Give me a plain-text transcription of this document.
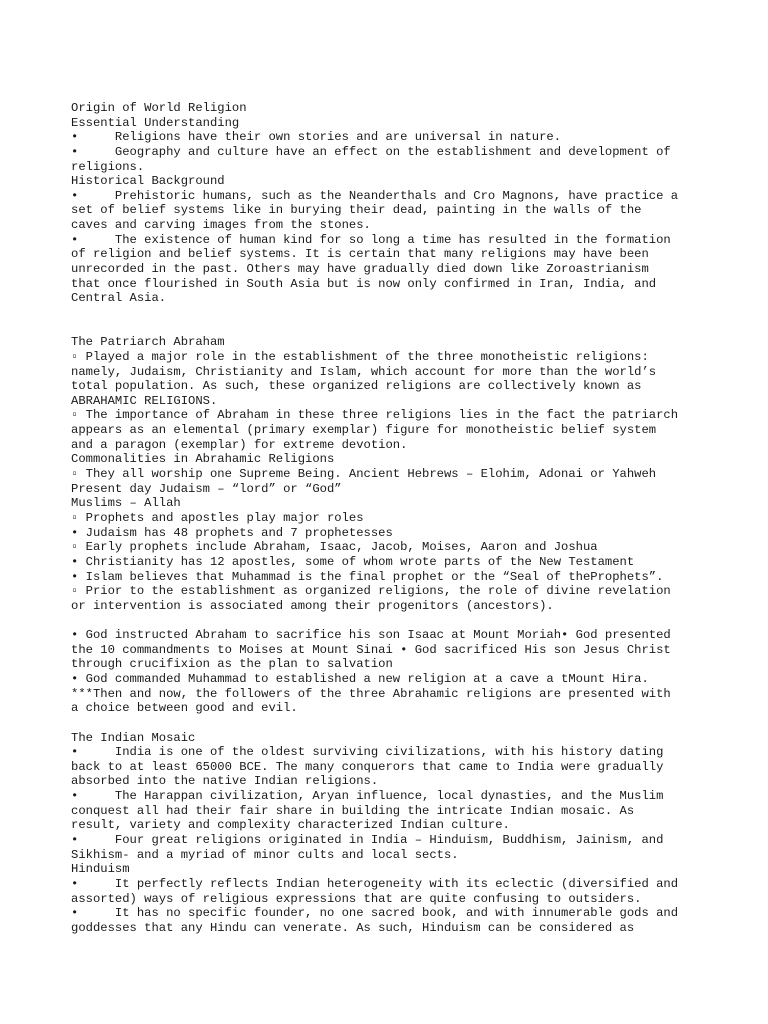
Origin of World Religion
Essential Understanding
•     Religions have their own stories and are universal in nature.
•     Geography and culture have an effect on the establishment and development of
religions.
Historical Background
•     Prehistoric humans, such as the Neanderthals and Cro Magnons, have practice a
set of belief systems like in burying their dead, painting in the walls of the
caves and carving images from the stones.
•     The existence of human kind for so long a time has resulted in the formation
of religion and belief systems. It is certain that many religions may have been
unrecorded in the past. Others may have gradually died down like Zoroastrianism
that once flourished in South Asia but is now only confirmed in Iran, India, and
Central Asia.
The Patriarch Abraham
▫ Played a major role in the establishment of the three monotheistic religions:
namely, Judaism, Christianity and Islam, which account for more than the world’s
total population. As such, these organized religions are collectively known as
ABRAHAMIC RELIGIONS.
▫ The importance of Abraham in these three religions lies in the fact the patriarch
appears as an elemental (primary exemplar) figure for monotheistic belief system
and a paragon (exemplar) for extreme devotion.
Commonalities in Abrahamic Religions
▫ They all worship one Supreme Being. Ancient Hebrews – Elohim, Adonai or Yahweh
Present day Judaism – “lord” or “God”
Muslims – Allah
▫ Prophets and apostles play major roles
• Judaism has 48 prophets and 7 prophetesses
▫ Early prophets include Abraham, Isaac, Jacob, Moises, Aaron and Joshua
• Christianity has 12 apostles, some of whom wrote parts of the New Testament
• Islam believes that Muhammad is the final prophet or the “Seal of theProphets”.
▫ Prior to the establishment as organized religions, the role of divine revelation
or intervention is associated among their progenitors (ancestors).
• God instructed Abraham to sacrifice his son Isaac at Mount Moriah• God presented
the 10 commandments to Moises at Mount Sinai • God sacrificed His son Jesus Christ
through crucifixion as the plan to salvation
• God commanded Muhammad to established a new religion at a cave a tMount Hira.
***Then and now, the followers of the three Abrahamic religions are presented with
a choice between good and evil.
The Indian Mosaic
•     India is one of the oldest surviving civilizations, with his history dating
back to at least 65000 BCE. The many conquerors that came to India were gradually
absorbed into the native Indian religions.
•     The Harappan civilization, Aryan influence, local dynasties, and the Muslim
conquest all had their fair share in building the intricate Indian mosaic. As
result, variety and complexity characterized Indian culture.
•     Four great religions originated in India – Hinduism, Buddhism, Jainism, and
Sikhism- and a myriad of minor cults and local sects.
Hinduism
•     It perfectly reflects Indian heterogeneity with its eclectic (diversified and
assorted) ways of religious expressions that are quite confusing to outsiders.
•     It has no specific founder, no one sacred book, and with innumerable gods and
goddesses that any Hindu can venerate. As such, Hinduism can be considered as
